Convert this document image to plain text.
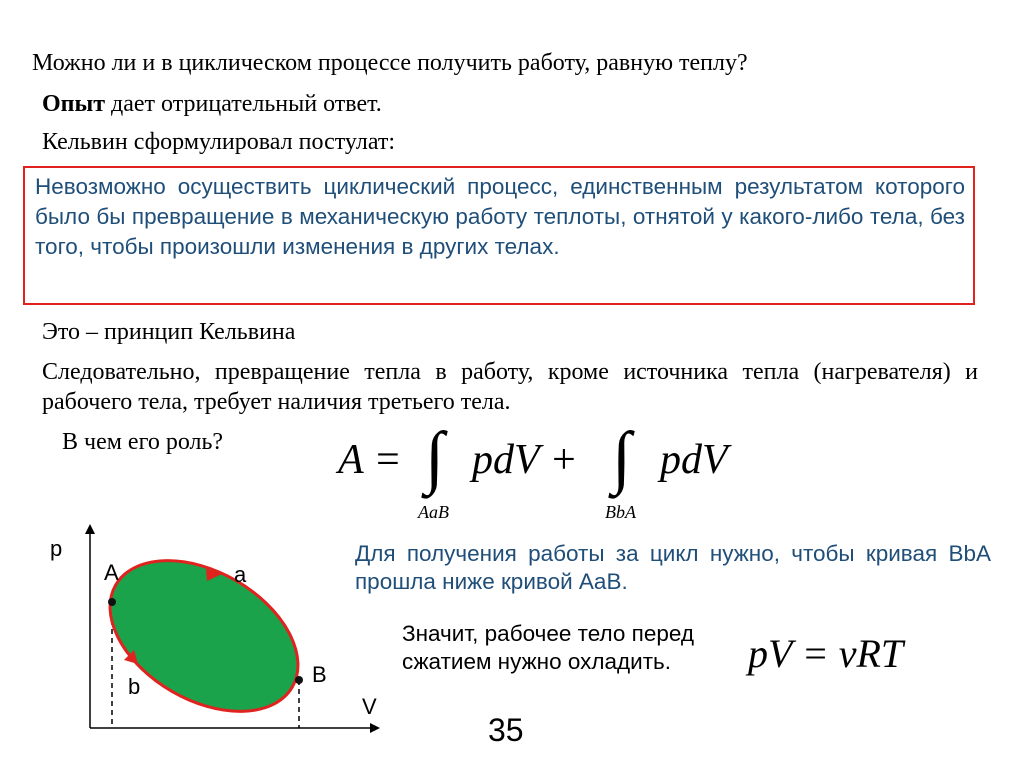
Можно ли и в циклическом процессе получить работу, равную теплу?
Опыт дает отрицательный ответ.
Кельвин сформулировал постулат:
Невозможно осуществить циклический процесс, единственным результатом которого было бы превращение в механическую работу теплоты, отнятой у какого-либо тела, без того, чтобы произошли изменения в других телах.
Это – принцип Кельвина
Следовательно, превращение тепла в работу, кроме источника тепла (нагревателя) и рабочего тела, требует наличия третьего тела.
В чем его роль?	A = ∫ pdV + ∫ pdV
AaB	BbA
Для получения работы за цикл нужно, чтобы кривая BbA прошла ниже кривой AaB.
Значит, рабочее тело перед сжатием нужно охладить.	pV = νRT
35
p
V
A	a
B
b
